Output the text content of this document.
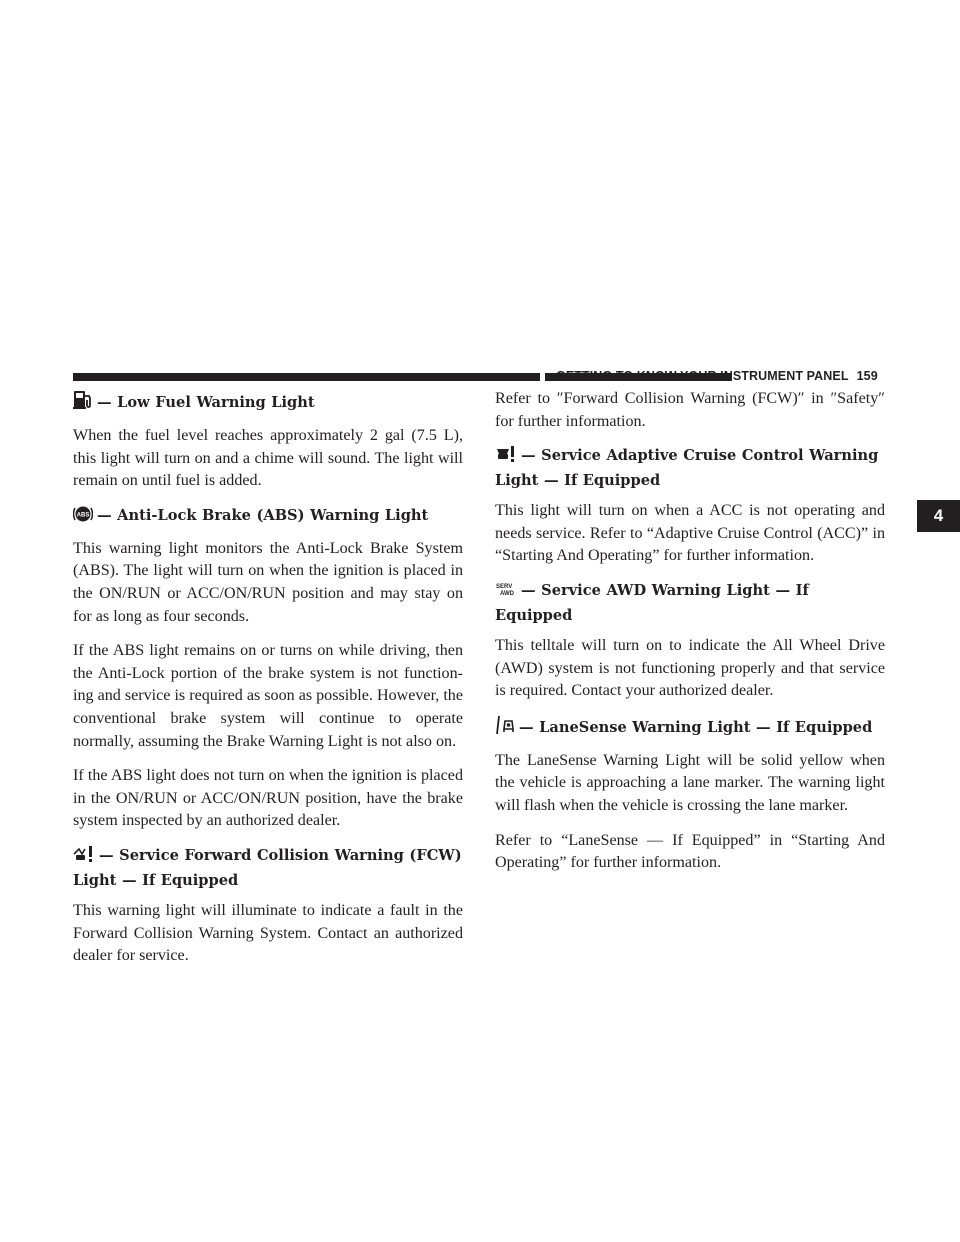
GETTING TO KNOW YOUR INSTRUMENT PANEL 159
4
— Low Fuel Warning Light

When the fuel level reaches approximately 2 gal (7.5 L), this light will turn on and a chime will sound. The light will remain on until fuel is added.

ABS — Anti-Lock Brake (ABS) Warning Light

This warning light monitors the Anti-Lock Brake System (ABS). The light will turn on when the ignition is placed in the ON/RUN or ACC/ON/RUN position and may stay on for as long as four seconds.

If the ABS light remains on or turns on while driving, then the Anti-Lock portion of the brake system is not function- ing and service is required as soon as possible. However, the conventional brake system will continue to operate normally, assuming the Brake Warning Light is not also on.

If the ABS light does not turn on when the ignition is placed in the ON/RUN or ACC/ON/RUN position, have the brake system inspected by an authorized dealer.

— Service Forward Collision Warning (FCW)
Light — If Equipped

This warning light will illuminate to indicate a fault in the Forward Collision Warning System. Contact an authorized dealer for service.

Refer to ″Forward Collision Warning (FCW)″ in ″Safety″ for further information.

— Service Adaptive Cruise Control Warning
Light — If Equipped

This light will turn on when a ACC is not operating and needs service. Refer to “Adaptive Cruise Control (ACC)” in “Starting And Operating” for further information.

SERV
AWD — Service AWD Warning Light — If Equipped

This telltale will turn on to indicate the All Wheel Drive (AWD) system is not functioning properly and that service is required. Contact your authorized dealer.

— LaneSense Warning Light — If Equipped

The LaneSense Warning Light will be solid yellow when the vehicle is approaching a lane marker. The warning light will flash when the vehicle is crossing the lane marker.

Refer to “LaneSense — If Equipped” in “Starting And Operating” for further information.
